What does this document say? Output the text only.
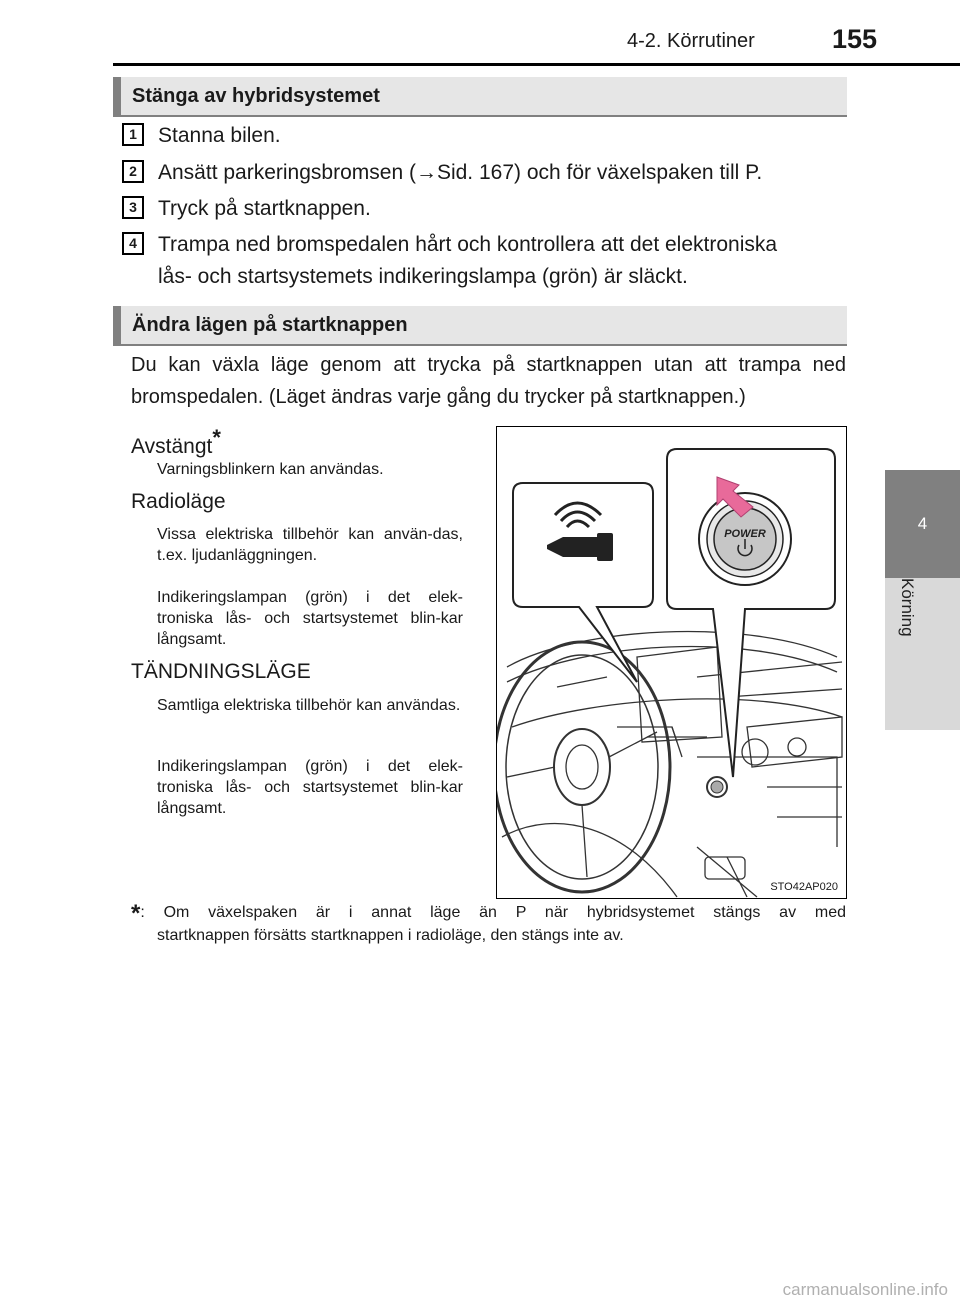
4-2. Körrutiner	155
4
Körning
Stänga av hybridsystemet
1	Stanna bilen.
2	Ansätt parkeringsbromsen (→Sid. 167) och för växelspaken till P.
3	Tryck på startknappen.
4	Trampa ned bromspedalen hårt och kontrollera att det elektroniska
lås- och startsystemets indikeringslampa (grön) är släckt.
Ändra lägen på startknappen
Du kan växla läge genom att trycka på startknappen utan att trampa ned
bromspedalen. (Läget ändras varje gång du trycker på startknappen.)
Avstängt*
Varningsblinkern kan användas.
Radioläge
Vissa elektriska tillbehör kan använ-das, t.ex. ljudanläggningen.
Indikeringslampan (grön) i det elek-troniska lås- och startsystemet blin-kar långsamt.
TÄNDNINGSLÄGE
Samtliga elektriska tillbehör kan användas.
Indikeringslampan (grön) i det elek-troniska lås- och startsystemet blin-kar långsamt.
POWER
STO42AP020
*: Om växelspaken är i annat läge än P när hybridsystemet stängs av med
startknappen försätts startknappen i radioläge, den stängs inte av.
carmanualsonline.info
